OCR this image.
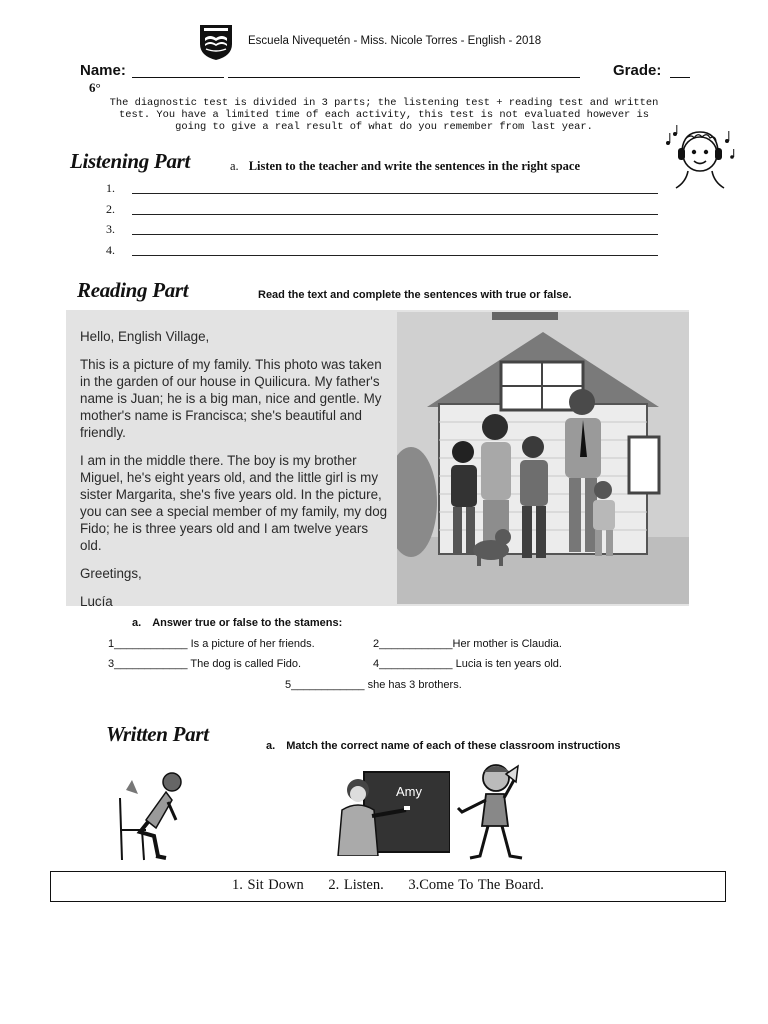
Escuela Nivequetén - Miss. Nicole Torres - English - 2018
Name:	Grade:
6°
The diagnostic test is divided in 3 parts; the listening test + reading test and written test. You have a limited time of each activity, this test is not evaluated however is going to give a real result of what do you remember from last year.
Listening Part	a. Listen to the teacher and write the sentences in the right space
1.
2.
3.
4.
Reading Part	Read the text and complete the sentences with true or false.

Hello, English Village,

This is a picture of my family. This photo was taken in the garden of our house in Quilicura. My father's name is Juan; he is a big man, nice and gentle. My mother's name is Francisca; she's beautiful and friendly.

I am in the middle there. The boy is my brother Miguel, he's eight years old, and the little girl is my sister Margarita, she's five years old. In the picture, you can see a special member of my family, my dog Fido; he is three years old and I am twelve years old.

Greetings,

Lucía

a. Answer true or false to the stamens:
1____________ Is a picture of her friends.	2____________Her mother is Claudia.
3____________ The dog is called Fido.	4____________ Lucia is ten years old.
5____________ she has 3 brothers.
Written Part	a. Match the correct name of each of these classroom instructions
Amy
1. Sit Down 2. Listen. 3.Come To The Board.
